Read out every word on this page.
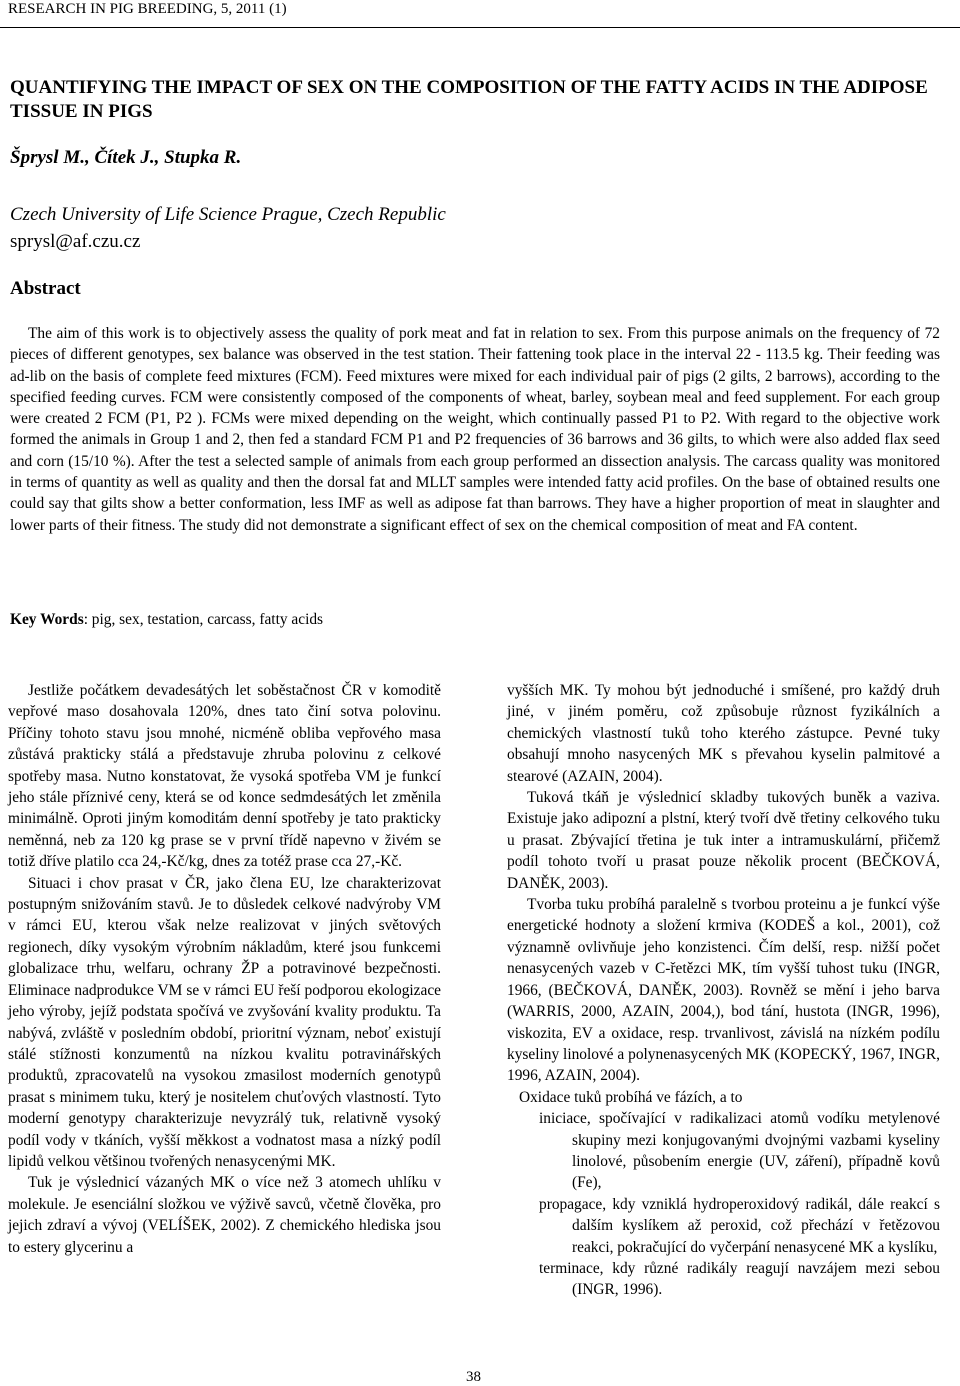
RESEARCH IN PIG BREEDING, 5, 2011 (1)
QUANTIFYING THE IMPACT OF SEX ON THE COMPOSITION OF THE FATTY ACIDS IN THE ADIPOSE TISSUE IN PIGS
Šprysl M., Čítek J., Stupka R.
Czech University of Life Science Prague, Czech Republic
sprysl@af.czu.cz
Abstract

The aim of this work is to objectively assess the quality of pork meat and fat in relation to sex. From this purpose animals on the frequency of 72 pieces of different genotypes, sex balance was observed in the test station. Their fattening took place in the interval 22 - 113.5 kg. Their feeding was ad-lib on the basis of complete feed mixtures (FCM). Feed mixtures were mixed for each individual pair of pigs (2 gilts, 2 barrows), according to the specified feeding curves. FCM were consistently composed of the components of wheat, barley, soybean meal and feed supplement. For each group were created 2 FCM (P1, P2 ). FCMs were mixed depending on the weight, which continually passed P1 to P2. With regard to the objective work formed the animals in Group 1 and 2, then fed a standard FCM P1 and P2 frequencies of 36 barrows and 36 gilts, to which were also added flax seed and corn (15/10 %). After the test a selected sample of animals from each group performed an dissection analysis. The carcass quality was monitored in terms of quantity as well as quality and then the dorsal fat and MLLT samples were intended fatty acid profiles. On the base of obtained results one could say that gilts show a better conformation, less IMF as well as adipose fat than barrows. They have a higher proportion of meat in slaughter and lower parts of their fitness. The study did not demonstrate a significant effect of sex on the chemical composition of meat and FA content.

Key Words: pig, sex, testation, carcass, fatty acids

Jestliže počátkem devadesátých let soběstačnost ČR v komoditě vepřové maso dosahovala 120%, dnes tato činí sotva polovinu. Příčiny tohoto stavu jsou mnohé, nicméně obliba vepřového masa zůstává prakticky stálá a představuje zhruba polovinu z celkové spotřeby masa. Nutno konstatovat, že vysoká spotřeba VM je funkcí jeho stále příznivé ceny, která se od konce sedmdesátých let změnila minimálně. Oproti jiným komoditám denní spotřeby je tato prakticky neměnná, neb za 120 kg prase se v první třídě napevno v živém se totiž dříve platilo cca 24,-Kč/kg, dnes za totéž prase cca 27,-Kč.

Situaci i chov prasat v ČR, jako člena EU, lze charakterizovat postupným snižováním stavů. Je to důsledek celkové nadvýroby VM v rámci EU, kterou však nelze realizovat v jiných světových regionech, díky vysokým výrobním nákladům, které jsou funkcemi globalizace trhu, welfaru, ochrany ŽP a potravinové bezpečnosti. Eliminace nadprodukce VM se v rámci EU řeší podporou ekologizace jeho výroby, jejíž podstata spočívá ve zvyšování kvality produktu. Ta nabývá, zvláště v posledním období, prioritní význam, neboť existují stálé stížnosti konzumentů na nízkou kvalitu potravinářských produktů, zpracovatelů na vysokou zmasilost moderních genotypů prasat s minimem tuku, který je nositelem chuťových vlastností. Tyto moderní genotypy charakterizuje nevyzrálý tuk, relativně vysoký podíl vody v tkáních, vyšší měkkost a vodnatost masa a nízký podíl lipidů velkou většinou tvořených nenasycenými MK.

Tuk je výslednicí vázaných MK o více než 3 atomech uhlíku v molekule. Je esenciální složkou ve výživě savců, včetně člověka, pro jejich zdraví a vývoj (VELÍŠEK, 2002). Z chemického hlediska jsou to estery glycerinu a

vyšších MK. Ty mohou být jednoduché i smíšené, pro každý druh jiné, v jiném poměru, což způsobuje různost fyzikálních a chemických vlastností tuků toho kterého zástupce. Pevné tuky obsahují mnoho nasycených MK s převahou kyselin palmitové a stearové (AZAIN, 2004).

Tuková tkáň je výslednicí skladby tukových buněk a vaziva. Existuje jako adipozní a plstní, který tvoří dvě třetiny celkového tuku u prasat. Zbývající třetina je tuk inter a intramuskulární, přičemž podíl tohoto tvoří u prasat pouze několik procent (BEČKOVÁ, DANĚK, 2003).

Tvorba tuku probíhá paralelně s tvorbou proteinu a je funkcí výše energetické hodnoty a složení krmiva (KODEŠ a kol., 2001), což významně ovlivňuje jeho konzistenci. Čím delší, resp. nižší počet nenasycených vazeb v C-řetězci MK, tím vyšší tuhost tuku (INGR, 1966, (BEČKOVÁ, DANĚK, 2003). Rovněž se mění i jeho barva (WARRIS, 2000, AZAIN, 2004,), bod tání, hustota (INGR, 1996), viskozita, EV a oxidace, resp. trvanlivost, závislá na nízkém podílu kyseliny linolové a polynenasycených MK (KOPECKÝ, 1967, INGR, 1996, AZAIN, 2004).

Oxidace tuků probíhá ve fázích, a to

iniciace, spočívající v radikalizaci atomů vodíku metylenové skupiny mezi konjugovanými dvojnými vazbami kyseliny linolové, působením energie (UV, záření), případně kovů (Fe),

propagace, kdy vzniklá hydroperoxidový radikál, dále reakcí s dalším kyslíkem až peroxid, což přechází v řetězovou reakci, pokračující do vyčerpání nenasycené MK a kyslíku,

terminace, kdy různé radikály reagují navzájem mezi sebou (INGR, 1996).

38
